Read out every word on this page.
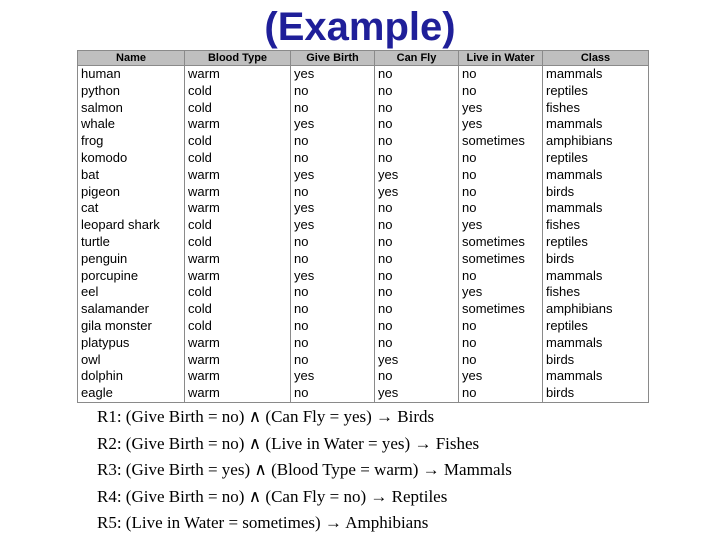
(Example)
Name	Blood Type	Give Birth	Can Fly	Live in Water	Class
human	warm	yes	no	no	mammals
python	cold	no	no	no	reptiles
salmon	cold	no	no	yes	fishes
whale	warm	yes	no	yes	mammals
frog	cold	no	no	sometimes	amphibians
komodo	cold	no	no	no	reptiles
bat	warm	yes	yes	no	mammals
pigeon	warm	no	yes	no	birds
cat	warm	yes	no	no	mammals
leopard shark	cold	yes	no	yes	fishes
turtle	cold	no	no	sometimes	reptiles
penguin	warm	no	no	sometimes	birds
porcupine	warm	yes	no	no	mammals
eel	cold	no	no	yes	fishes
salamander	cold	no	no	sometimes	amphibians
gila monster	cold	no	no	no	reptiles
platypus	warm	no	no	no	mammals
owl	warm	no	yes	no	birds
dolphin	warm	yes	no	yes	mammals
eagle	warm	no	yes	no	birds
R1: (Give Birth = no) ∧ (Can Fly = yes) → Birds
R2: (Give Birth = no) ∧ (Live in Water = yes) → Fishes
R3: (Give Birth = yes) ∧ (Blood Type = warm) → Mammals
R4: (Give Birth = no) ∧ (Can Fly = no) → Reptiles
R5: (Live in Water = sometimes) → Amphibians
